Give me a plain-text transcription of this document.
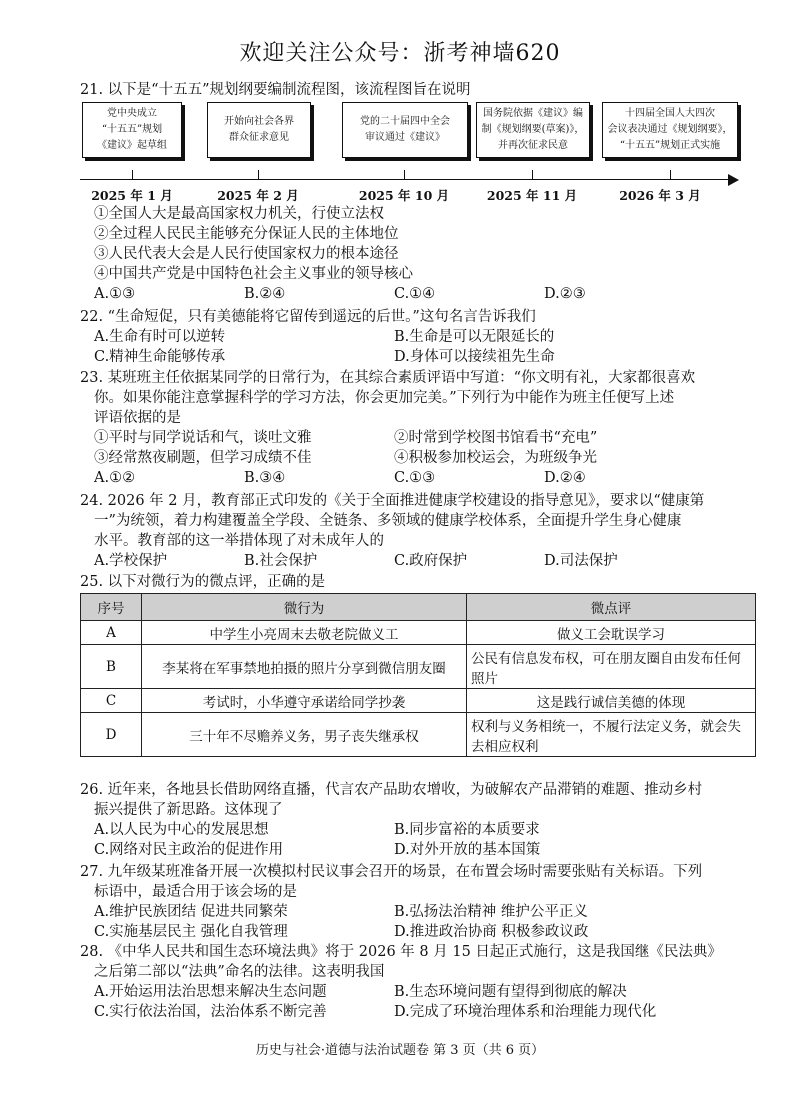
欢迎关注公众号：浙考神墙620
21. 以下是“十五五”规划纲要编制流程图，该流程图旨在说明
党中央成立
“十五五”规划
《建议》起草组
开始向社会各界
群众征求意见
党的二十届四中全会
审议通过《建议》
国务院依据《建议》编
制《规划纲要(草案)》，
并再次征求民意
十四届全国人大四次
会议表决通过《规划纲要》，
“十五五”规划正式实施
2025 年 1 月	2025 年 2 月	2025 年 10 月	2025 年 11 月	2026 年 3 月
①全国人大是最高国家权力机关，行使立法权
②全过程人民民主能够充分保证人民的主体地位
③人民代表大会是人民行使国家权力的根本途径
④中国共产党是中国特色社会主义事业的领导核心
A.①③	B.②④	C.①④	D.②③
22. “生命短促，只有美德能将它留传到遥远的后世。”这句名言告诉我们
A.生命有时可以逆转	B.生命是可以无限延长的
C.精神生命能够传承	D.身体可以接续祖先生命
23. 某班班主任依据某同学的日常行为，在其综合素质评语中写道：“你文明有礼，大家都很喜欢
你。如果你能注意掌握科学的学习方法，你会更加完美。”下列行为中能作为班主任便写上述
评语依据的是
①平时与同学说话和气，谈吐文雅	②时常到学校图书馆看书“充电”
③经常熬夜刷题，但学习成绩不佳	④积极参加校运会，为班级争光
A.①②	B.③④	C.①③	D.②④
24. 2026 年 2 月，教育部正式印发的《关于全面推进健康学校建设的指导意见》，要求以“健康第
一”为统领，着力构建覆盖全学段、全链条、多领域的健康学校体系，全面提升学生身心健康
水平。教育部的这一举措体现了对未成年人的
A.学校保护	B.社会保护	C.政府保护	D.司法保护
25. 以下对微行为的微点评，正确的是
序号	微行为	微点评
A	中学生小亮周末去敬老院做义工	做义工会耽误学习
B	李某将在军事禁地拍摄的照片分享到微信朋友圈	公民有信息发布权，可在朋友圈自由发布任何照片
C	考试时，小华遵守承诺给同学抄袭	这是践行诚信美德的体现
D	三十年不尽赡养义务，男子丧失继承权	权利与义务相统一，不履行法定义务，就会失去相应权利
26. 近年来，各地县长借助网络直播，代言农产品助农增收，为破解农产品滞销的难题、推动乡村
振兴提供了新思路。这体现了
A.以人民为中心的发展思想	B.同步富裕的本质要求
C.网络对民主政治的促进作用	D.对外开放的基本国策
27. 九年级某班准备开展一次模拟村民议事会召开的场景，在布置会场时需要张贴有关标语。下列
标语中，最适合用于该会场的是
A.维护民族团结 促进共同繁荣	B.弘扬法治精神 维护公平正义
C.实施基层民主 强化自我管理	D.推进政治协商 积极参政议政
28. 《中华人民共和国生态环境法典》将于 2026 年 8 月 15 日起正式施行，这是我国继《民法典》
之后第二部以“法典”命名的法律。这表明我国
A.开始运用法治思想来解决生态问题	B.生态环境问题有望得到彻底的解决
C.实行依法治国，法治体系不断完善	D.完成了环境治理体系和治理能力现代化
历史与社会·道德与法治试题卷 第 3 页（共 6 页）
